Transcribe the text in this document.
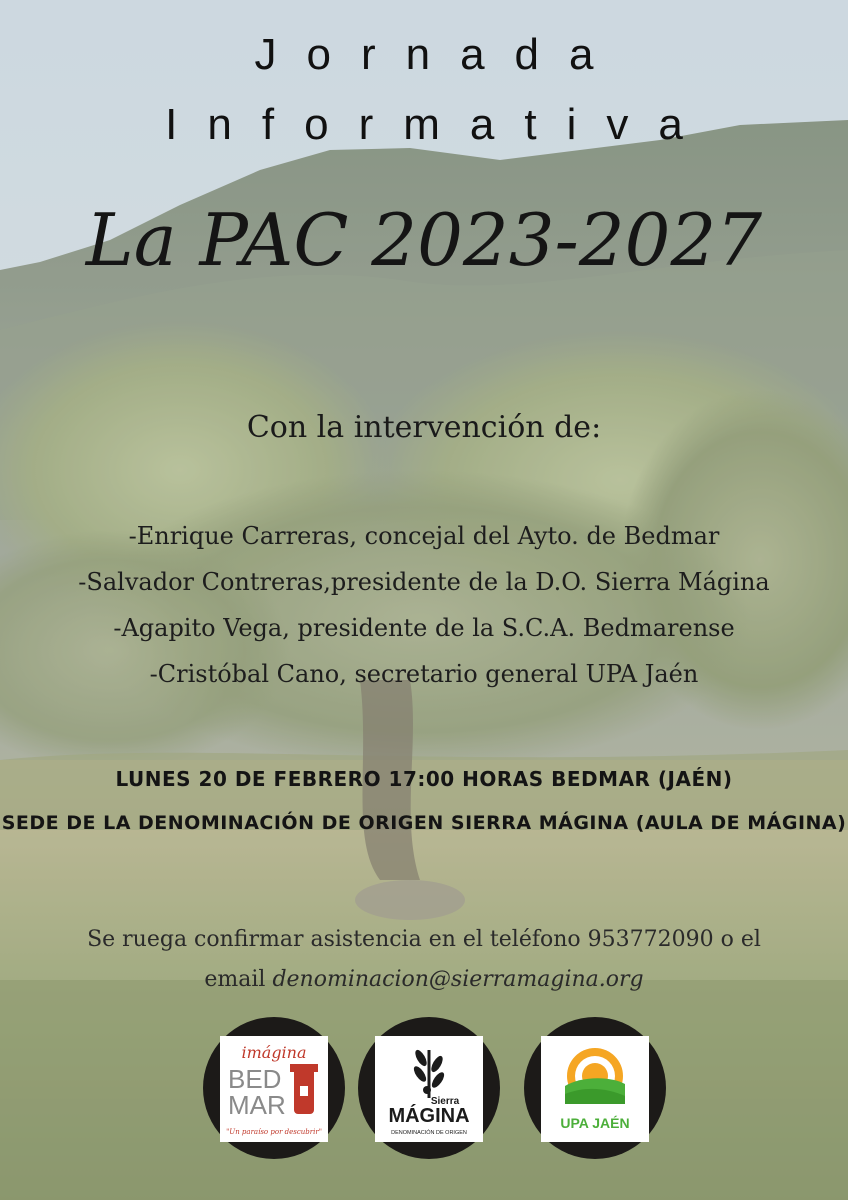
Jornada
Informativa
La PAC 2023-2027
Con la intervención de:
-Enrique Carreras, concejal del Ayto. de Bedmar
-Salvador Contreras,presidente de la D.O. Sierra Mágina
-Agapito Vega, presidente de la S.C.A. Bedmarense
-Cristóbal Cano, secretario general UPA Jaén
LUNES 20 DE FEBRERO 17:00 HORAS BEDMAR (JAÉN)
SEDE DE LA DENOMINACIÓN DE ORIGEN SIERRA MÁGINA (AULA DE MÁGINA)
Se ruega confirmar asistencia en el teléfono 953772090 o el
email denominacion@sierramagina.org
imágina
BED
MAR
"Un paraíso por descubrir"
Sierra
MÁGINA
DENOMINACIÓN DE ORIGEN
UPA JAÉN
